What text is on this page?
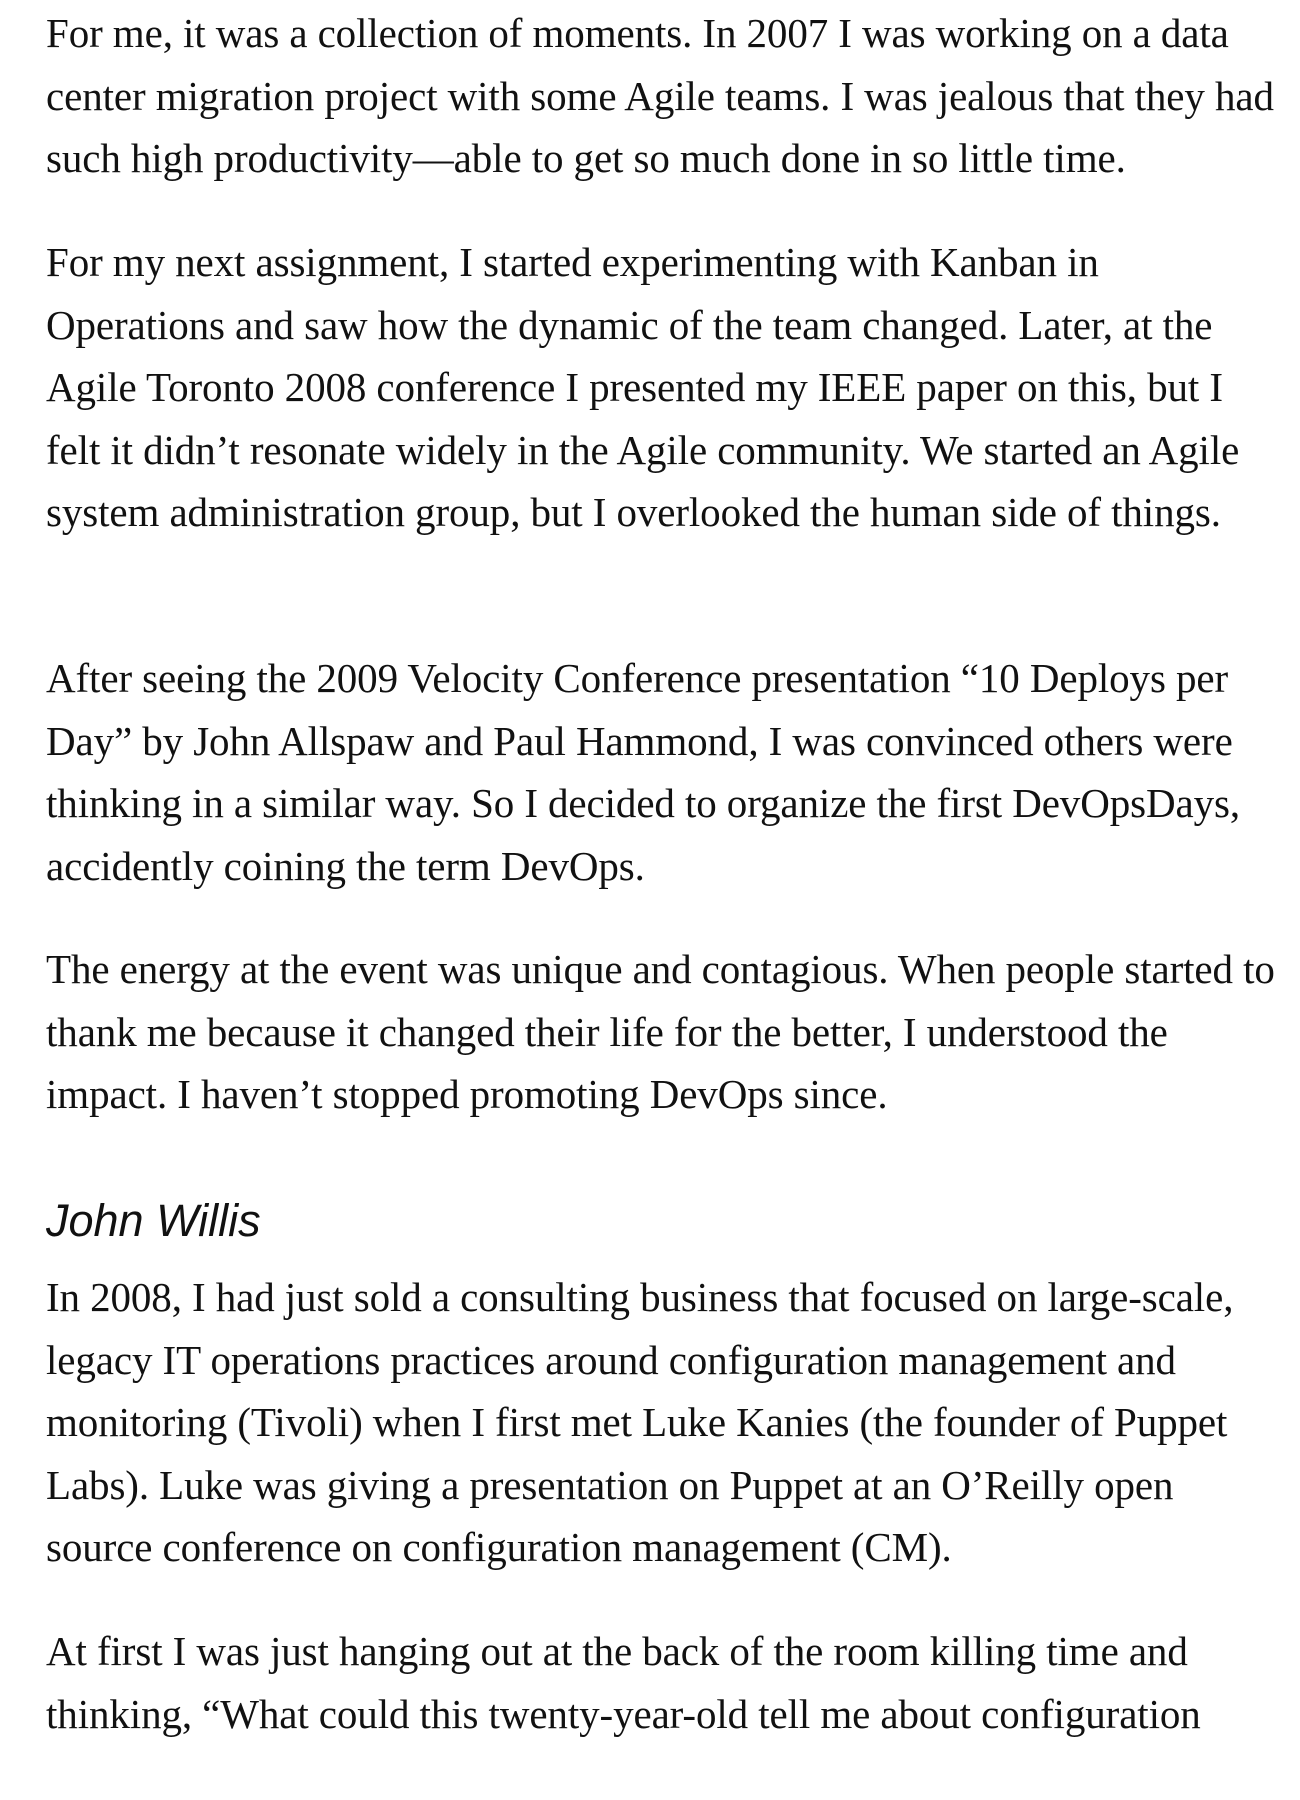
For me, it was a collection of moments. In 2007 I was working on a data center migration project with some Agile teams. I was jealous that they had such high productivity—able to get so much done in so little time.

For my next assignment, I started experimenting with Kanban in Operations and saw how the dynamic of the team changed. Later, at the Agile Toronto 2008 conference I presented my IEEE paper on this, but I felt it didn’t resonate widely in the Agile community. We started an Agile system administration group, but I overlooked the human side of things.

After seeing the 2009 Velocity Conference presentation “10 Deploys per Day” by John Allspaw and Paul Hammond, I was convinced others were thinking in a similar way. So I decided to organize the first DevOpsDays, accidently coining the term DevOps.

The energy at the event was unique and contagious. When people started to thank me because it changed their life for the better, I understood the impact. I haven’t stopped promoting DevOps since.

John Willis

In 2008, I had just sold a consulting business that focused on large-scale, legacy IT operations practices around configuration management and monitoring (Tivoli) when I first met Luke Kanies (the founder of Puppet Labs). Luke was giving a presentation on Puppet at an O’Reilly open source conference on configuration management (CM).

At first I was just hanging out at the back of the room killing time and thinking, “What could this twenty-year-old tell me about configuration
